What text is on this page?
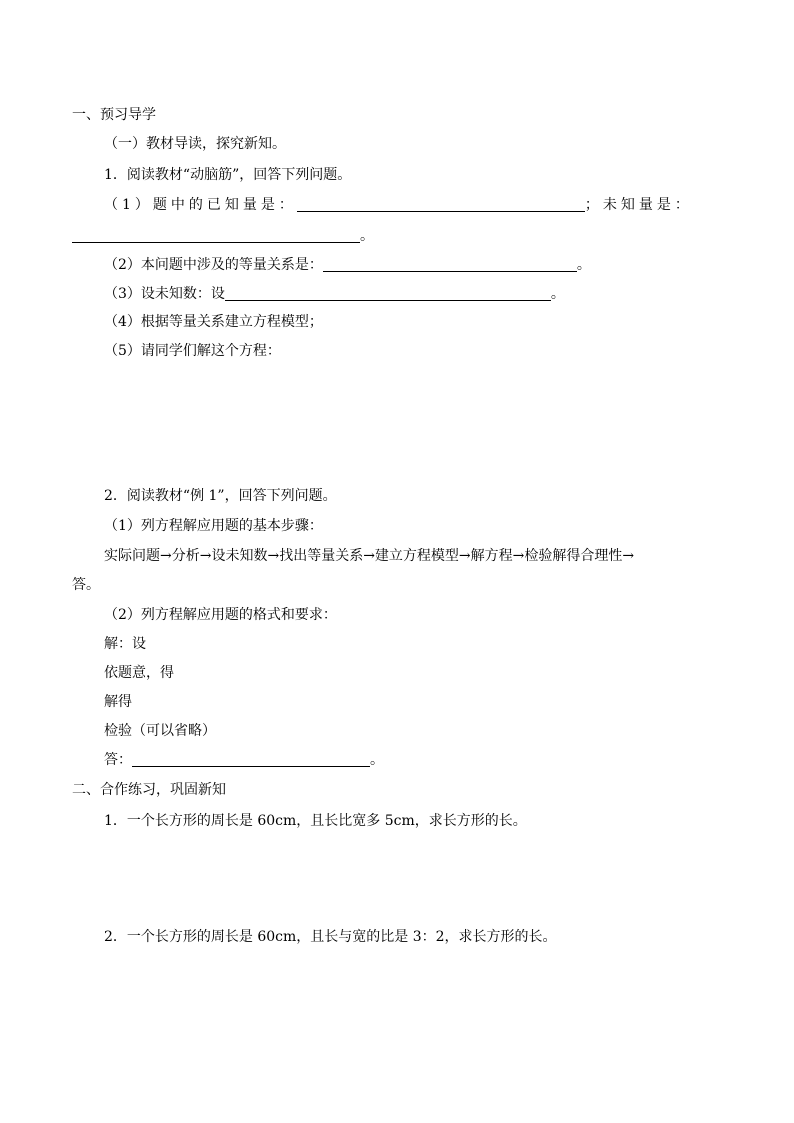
一、预习导学
（一）教材导读，探究新知。
1．阅读教材“动脑筋”，回答下列问题。
（1）题中的已知量是：	；未知量是：
。
（2）本问题中涉及的等量关系是：	。
（3）设未知数：设	。
（4）根据等量关系建立方程模型；
（5）请同学们解这个方程：
2．阅读教材“例 1”，回答下列问题。
（1）列方程解应用题的基本步骤：
实际问题→分析→设未知数→找出等量关系→建立方程模型→解方程→检验解得合理性→
答。
（2）列方程解应用题的格式和要求：
解：设
依题意，得
解得
检验（可以省略）
答：	。
二、合作练习，巩固新知
1．一个长方形的周长是 60cm，且长比宽多 5cm，求长方形的长。
2．一个长方形的周长是 60cm，且长与宽的比是 3：2，求长方形的长。
